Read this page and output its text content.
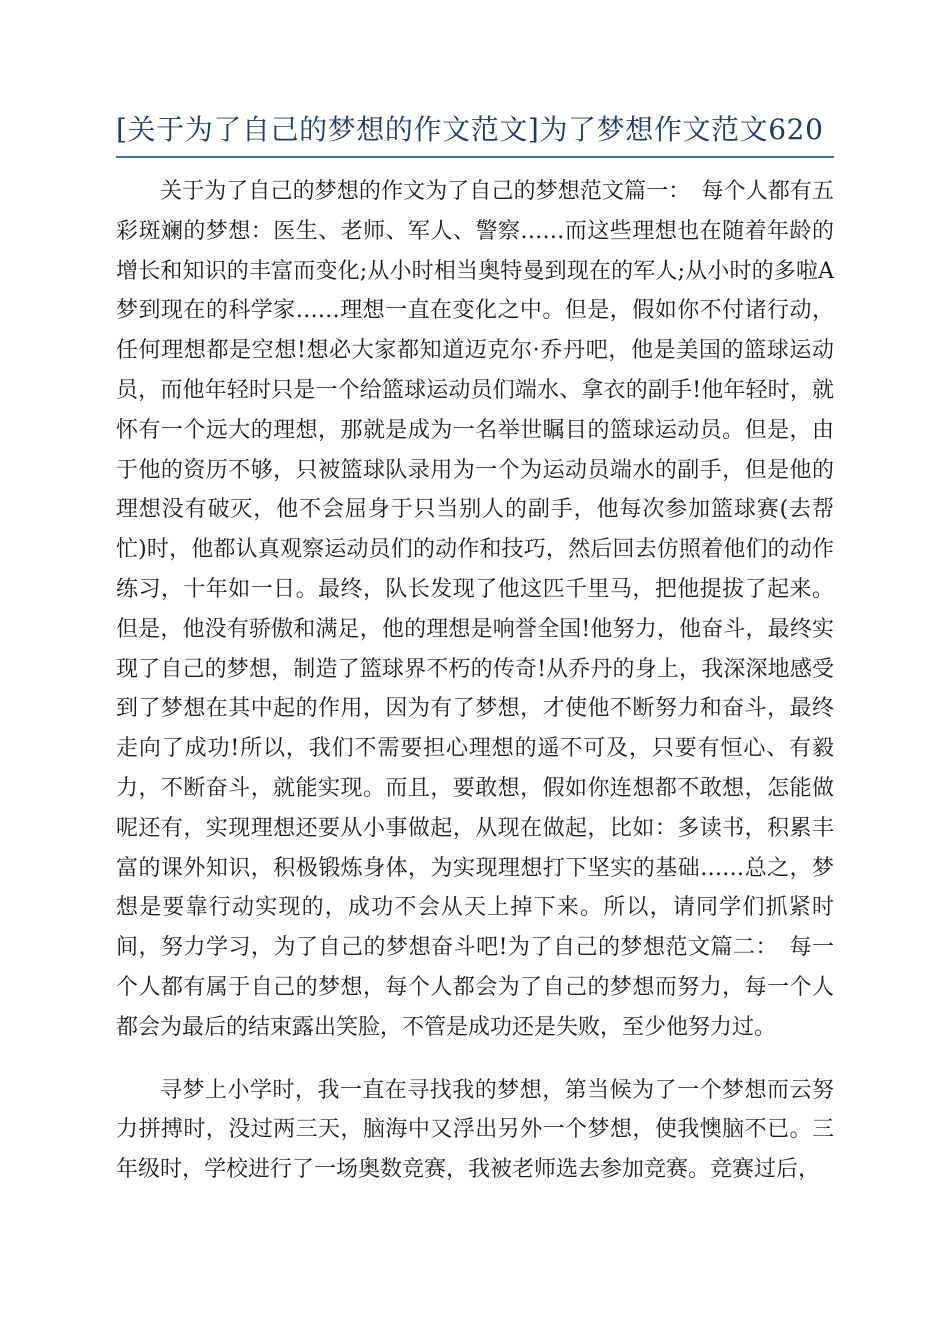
[关于为了自己的梦想的作文范文]为了梦想作文范文620

关于为了自己的梦想的作文为了自己的梦想范文篇一：　每个人都有五彩斑斓的梦想：医生、老师、军人、警察……而这些理想也在随着年龄的增长和知识的丰富而变化;从小时相当奥特曼到现在的军人;从小时的多啦A梦到现在的科学家……理想一直在变化之中。但是，假如你不付诸行动，任何理想都是空想!想必大家都知道迈克尔·乔丹吧，他是美国的篮球运动员，而他年轻时只是一个给篮球运动员们端水、拿衣的副手!他年轻时，就怀有一个远大的理想，那就是成为一名举世瞩目的篮球运动员。但是，由于他的资历不够，只被篮球队录用为一个为运动员端水的副手，但是他的理想没有破灭，他不会屈身于只当别人的副手，他每次参加篮球赛(去帮忙)时，他都认真观察运动员们的动作和技巧，然后回去仿照着他们的动作练习，十年如一日。最终，队长发现了他这匹千里马，把他提拔了起来。但是，他没有骄傲和满足，他的理想是响誉全国!他努力，他奋斗，最终实现了自己的梦想，制造了篮球界不朽的传奇!从乔丹的身上，我深深地感受到了梦想在其中起的作用，因为有了梦想，才使他不断努力和奋斗，最终走向了成功!所以，我们不需要担心理想的遥不可及，只要有恒心、有毅力，不断奋斗，就能实现。而且，要敢想，假如你连想都不敢想，怎能做呢还有，实现理想还要从小事做起，从现在做起，比如：多读书，积累丰富的课外知识，积极锻炼身体，为实现理想打下坚实的基础……总之，梦想是要靠行动实现的，成功不会从天上掉下来。所以，请同学们抓紧时间，努力学习，为了自己的梦想奋斗吧!为了自己的梦想范文篇二：　每一个人都有属于自己的梦想，每个人都会为了自己的梦想而努力，每一个人都会为最后的结束露出笑脸，不管是成功还是失败，至少他努力过。

寻梦上小学时，我一直在寻找我的梦想，第当候为了一个梦想而云努力拼搏时，没过两三天，脑海中又浮出另外一个梦想，使我懊脑不已。三年级时，学校进行了一场奥数竞赛，我被老师选去参加竞赛。竞赛过后，
